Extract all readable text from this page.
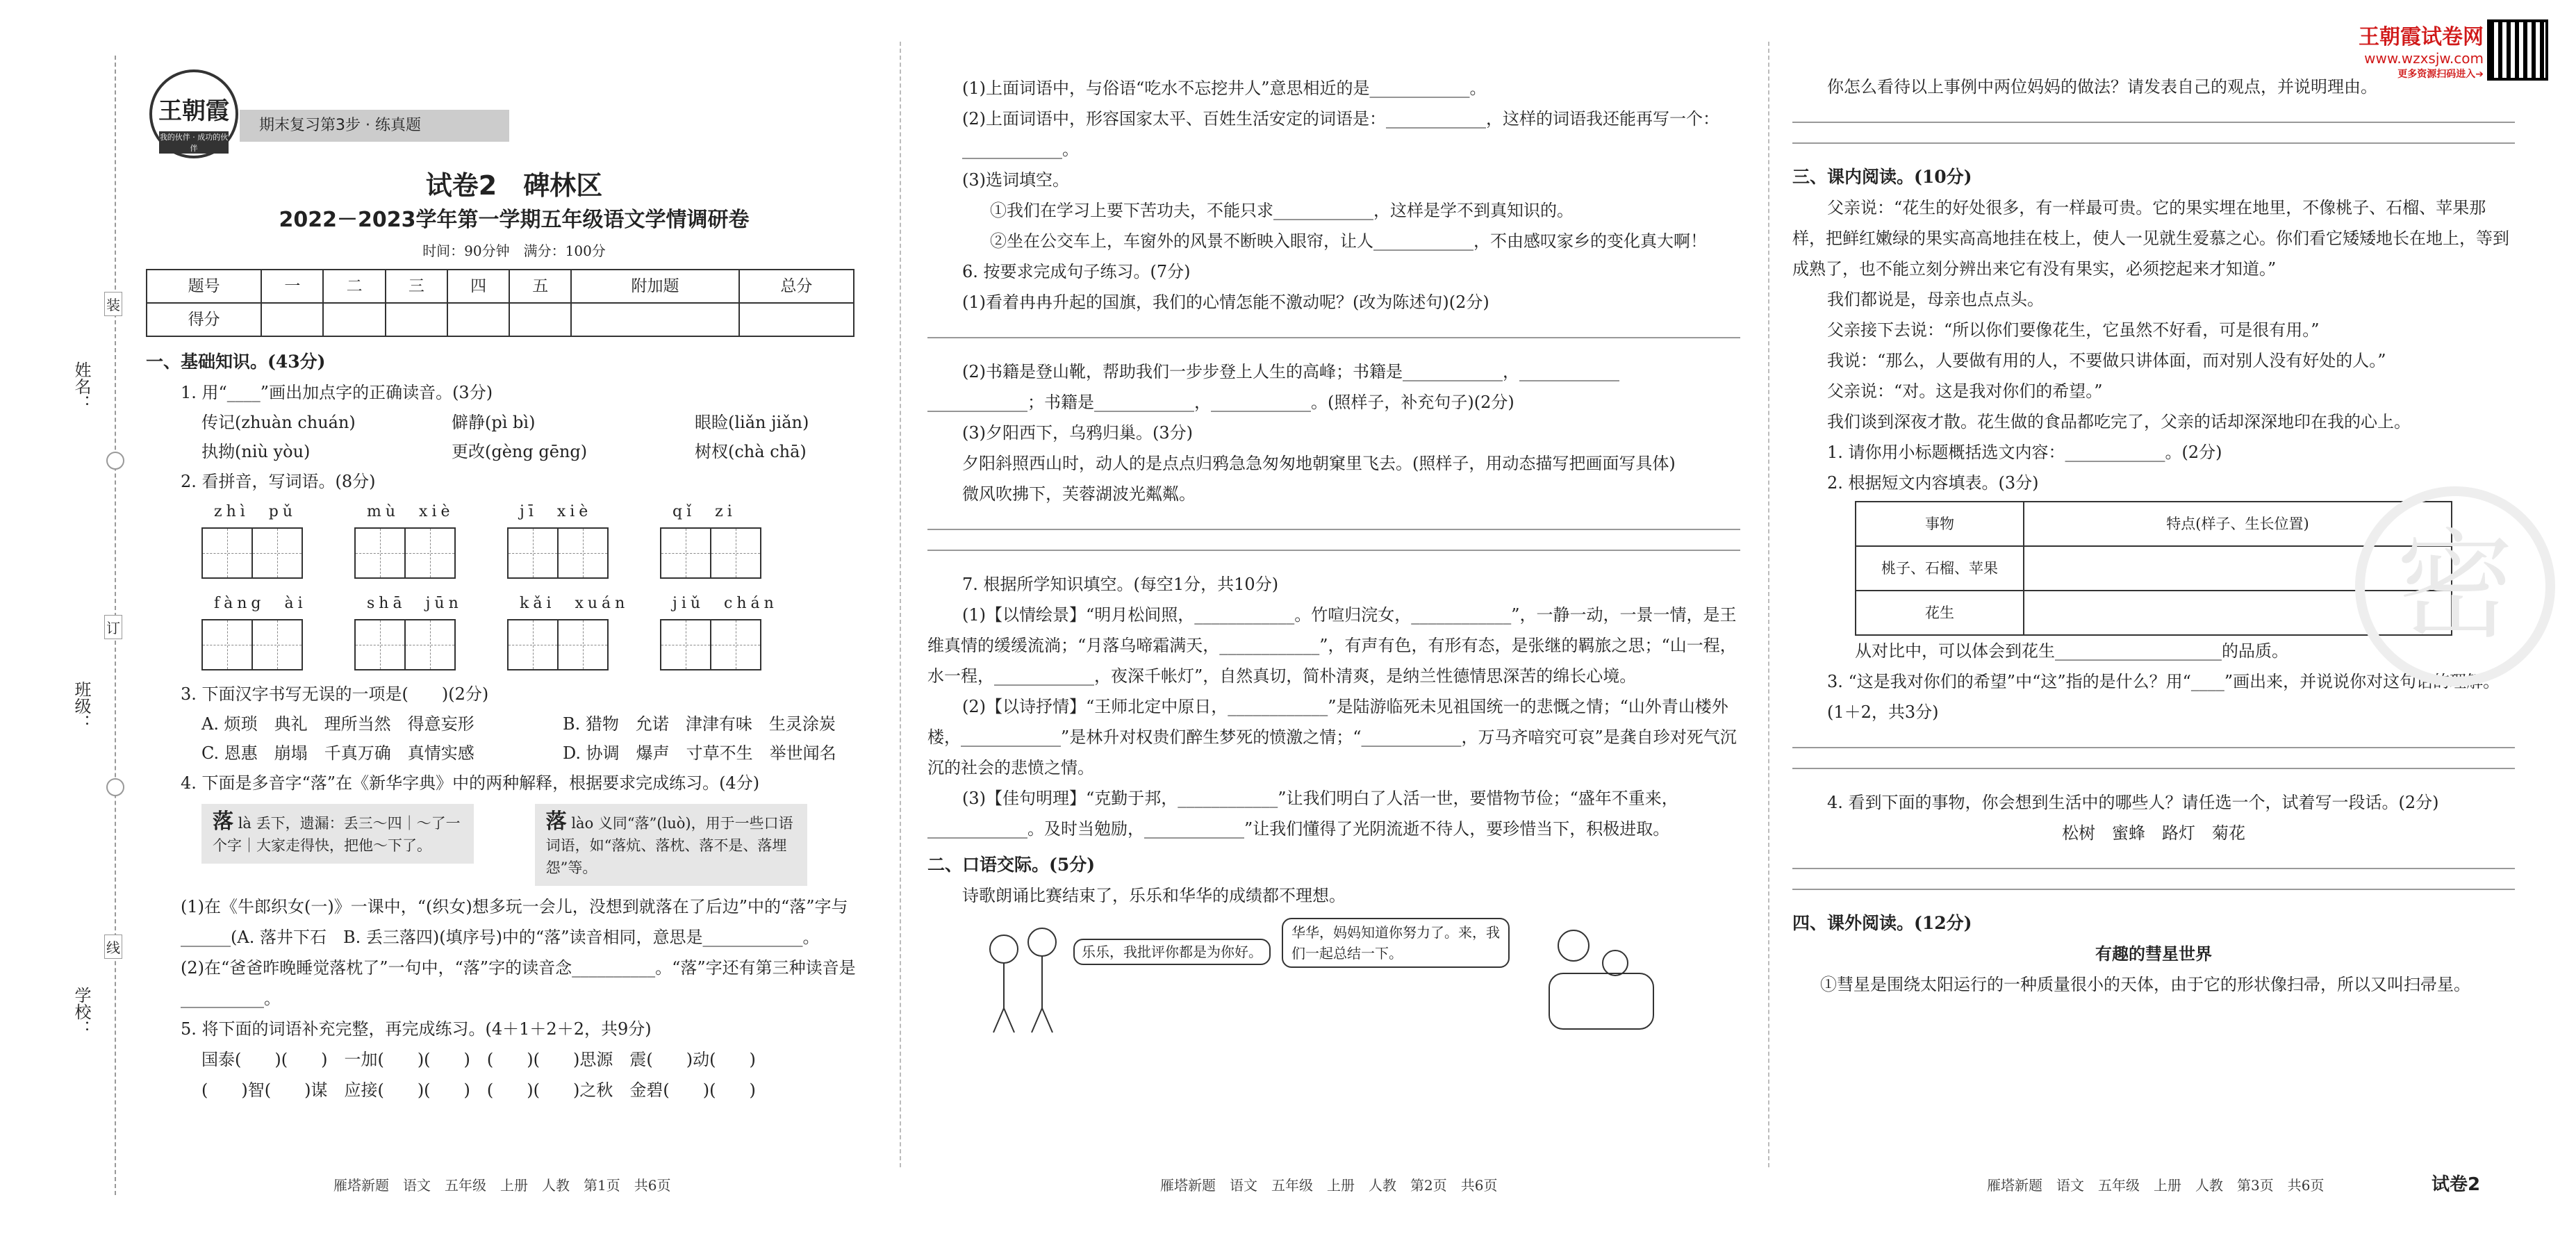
姓名：
班级：
学校：
装
订
线
王朝霞
我的伙伴 · 成功的伙伴
期末复习第3步 · 练真题
王朝霞试卷网
www.wzxsjw.com
更多资源扫码进入➔
试卷2　碑林区
2022－2023学年第一学期五年级语文学情调研卷
时间：90分钟　满分：100分
题号	一	二	三	四	五	附加题	总分
得分							
一、基础知识。(43分)
1. 用“____”画出加点字的正确读音。(3分)
传记(zhuàn chuán)	僻静(pì bì)	眼睑(liǎn jiǎn)
执拗(niù yòu)	更改(gèng gēng)	树杈(chà chā)
2. 看拼音，写词语。(8分)
zhì　pǔ	mù　xiè	jī　xiè	qǐ　zi
fàng　ài	shā　jūn	kǎi　xuán	jiǔ　chán
3. 下面汉字书写无误的一项是(　　)(2分)
A. 烦琐　典礼　理所当然　得意妄形	B. 猎物　允诺　津津有味　生灵涂炭
C. 恩惠　崩塌　千真万确　真情实感	D. 协调　爆声　寸草不生　举世闻名
4. 下面是多音字“落”在《新华字典》中的两种解释，根据要求完成练习。(4分)
落 là 丢下，遗漏：丢三～四｜～了一个字｜大家走得快，把他～下了。 落 lào 义同“落”(luò)，用于一些口语词语，如“落炕、落枕、落不是、落埋怨”等。
(1)在《牛郎织女(一)》一课中，“(织女)想多玩一会儿，没想到就落在了后边”中的“落”字与______(A. 落井下石　B. 丢三落四)(填序号)中的“落”读音相同，意思是____________。
(2)在“爸爸昨晚睡觉落枕了”一句中，“落”字的读音念__________。“落”字还有第三种读音是__________。
5. 将下面的词语补充完整，再完成练习。(4＋1＋2＋2，共9分)
国泰(　　)(　　)　一加(　　)(　　)　(　　)(　　)思源　震(　　)动(　　)
(　　)智(　　)谋　应接(　　)(　　)　(　　)(　　)之秋　金碧(　　)(　　)
(1)上面词语中，与俗语“吃水不忘挖井人”意思相近的是____________。
(2)上面词语中，形容国家太平、百姓生活安定的词语是：____________，这样的词语我还能再写一个：____________。
(3)选词填空。
①我们在学习上要下苦功夫，不能只求____________，这样是学不到真知识的。
②坐在公交车上，车窗外的风景不断映入眼帘，让人____________，不由感叹家乡的变化真大啊！
6. 按要求完成句子练习。(7分)
(1)看着冉冉升起的国旗，我们的心情怎能不激动呢？(改为陈述句)(2分)
(2)书籍是登山靴，帮助我们一步步登上人生的高峰；书籍是____________，____________
____________；书籍是____________，____________。(照样子，补充句子)(2分)
(3)夕阳西下，乌鸦归巢。(3分)
夕阳斜照西山时，动人的是点点归鸦急急匆匆地朝窠里飞去。(照样子，用动态描写把画面写具体)
微风吹拂下，芙蓉湖波光粼粼。
7. 根据所学知识填空。(每空1分，共10分)
(1)【以情绘景】“明月松间照，____________。竹喧归浣女，____________”，一静一动，一景一情，是王维真情的缓缓流淌；“月落乌啼霜满天，____________”，有声有色，有形有态，是张继的羁旅之思；“山一程，水一程，____________，夜深千帐灯”，自然真切，简朴清爽，是纳兰性德情思深苦的绵长心境。
(2)【以诗抒情】“王师北定中原日，____________”是陆游临死未见祖国统一的悲慨之情；“山外青山楼外楼，____________”是林升对权贵们醉生梦死的愤激之情；“____________，万马齐喑究可哀”是龚自珍对死气沉沉的社会的悲愤之情。
(3)【佳句明理】“克勤于邦，____________”让我们明白了人活一世，要惜物节俭；“盛年不重来，____________。及时当勉励，____________”让我们懂得了光阴流逝不待人，要珍惜当下，积极进取。
二、口语交际。(5分)
诗歌朗诵比赛结束了，乐乐和华华的成绩都不理想。
乐乐，我批评你都是为你好。
华华，妈妈知道你努力了。来，我们一起总结一下。
你怎么看待以上事例中两位妈妈的做法？请发表自己的观点，并说明理由。
三、课内阅读。(10分)
父亲说：“花生的好处很多，有一样最可贵。它的果实埋在地里，不像桃子、石榴、苹果那样，把鲜红嫩绿的果实高高地挂在枝上，使人一见就生爱慕之心。你们看它矮矮地长在地上，等到成熟了，也不能立刻分辨出来它有没有果实，必须挖起来才知道。”
我们都说是，母亲也点点头。
父亲接下去说：“所以你们要像花生，它虽然不好看，可是很有用。”
我说：“那么，人要做有用的人，不要做只讲体面，而对别人没有好处的人。”
父亲说：“对。这是我对你们的希望。”
我们谈到深夜才散。花生做的食品都吃完了，父亲的话却深深地印在我的心上。
1. 请你用小标题概括选文内容：____________。(2分)
2. 根据短文内容填表。(3分)
事物	特点(样子、生长位置)
桃子、石榴、苹果	
花生	
从对比中，可以体会到花生____________________的品质。
3. “这是我对你们的希望”中“这”指的是什么？用“____”画出来，并说说你对这句话的理解。(1＋2，共3分)
4. 看到下面的事物，你会想到生活中的哪些人？请任选一个，试着写一段话。(2分)
松树　蜜蜂　路灯　菊花
四、课外阅读。(12分)
有趣的彗星世界
①彗星是围绕太阳运行的一种质量很小的天体，由于它的形状像扫帚，所以又叫扫帚星。
密
雁塔新题　语文　五年级　上册　人教　第1页　共6页	雁塔新题　语文　五年级　上册　人教　第2页　共6页	雁塔新题　语文　五年级　上册　人教　第3页　共6页	试卷2
